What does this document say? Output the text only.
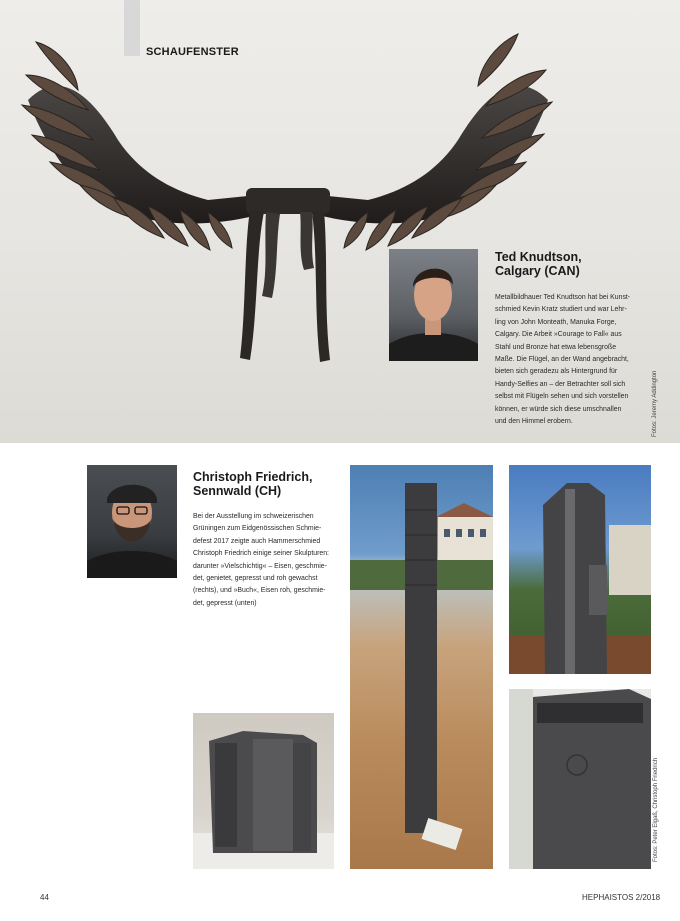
SCHAUFENSTER
Ted Knudtson,
Calgary (CAN)
Metallbildhauer Ted Knudtson hat bei Kunst-
schmied Kevin Kratz studiert und war Lehr-
ling von John Monteath, Manuka Forge,
Calgary. Die Arbeit »Courage to Fall« aus
Stahl und Bronze hat etwa lebensgroße
Maße. Die Flügel, an der Wand angebracht,
bieten sich geradezu als Hintergrund für
Handy-Selfies an – der Betrachter soll sich
selbst mit Flügeln sehen und sich vorstellen
können, er würde sich diese umschnallen
und den Himmel erobern.	Fotos: Jeremy Addington
Christoph Friedrich,
Sennwald (CH)
Bei der Ausstellung im schweizerischen
Grüningen zum Eidgenössischen Schmie-
defest 2017 zeigte auch Hammerschmied
Christoph Friedrich einige seiner Skulpturen:
darunter »Vielschichtig« – Eisen, geschmie-
det, genietet, gepresst und roh gewachst
(rechts), und »Buch«, Eisen roh, geschmie-
det, gepresst (unten)
Fotos: Peter Elgaß, Christoph Friedrich
44	HEPHAISTOS 2/2018
